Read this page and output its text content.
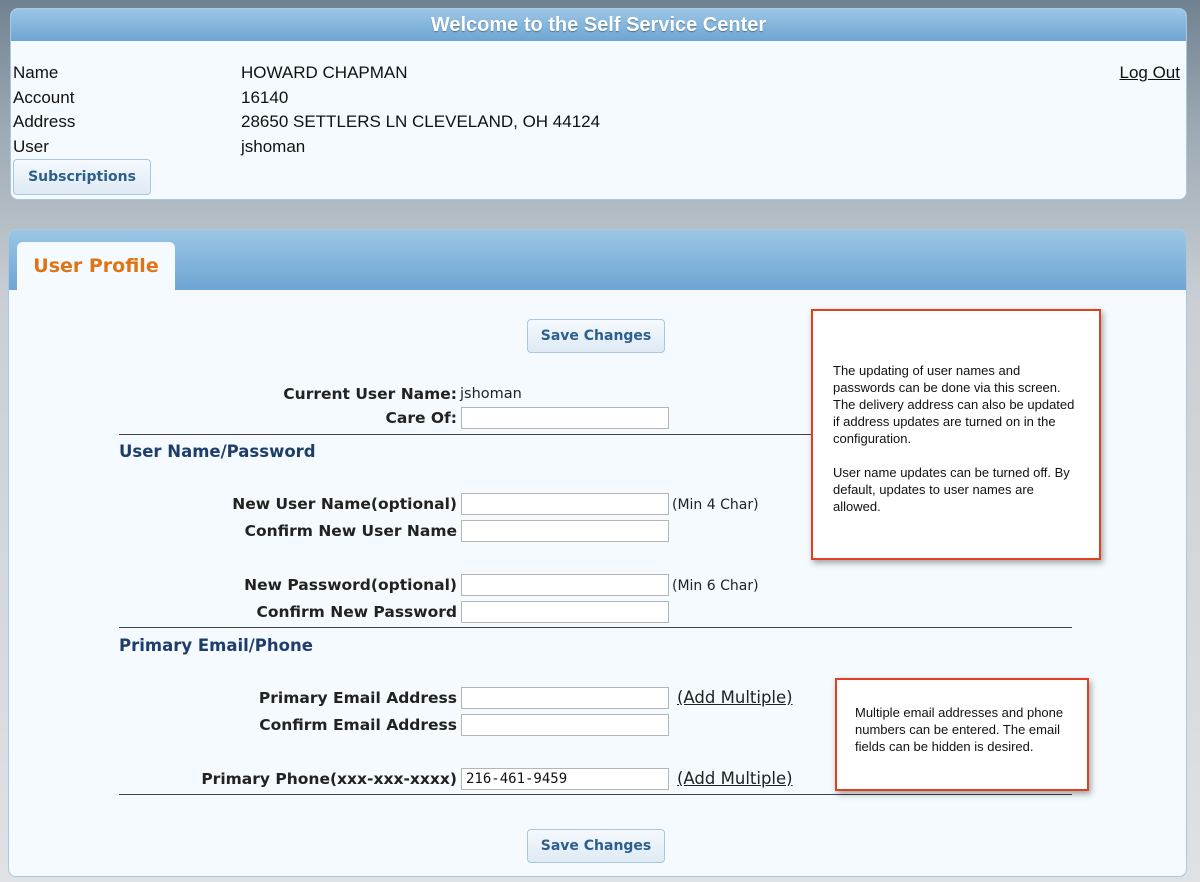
Welcome to the Self Service Center
Name	HOWARD CHAPMAN
Account	16140
Address	28650 SETTLERS LN CLEVELAND, OH 44124
User	jshoman
Log Out
Subscriptions
User Profile
Save Changes
Current User Name: jshoman
Care Of:
User Name/Password
New User Name(optional)	(Min 4 Char)
Confirm New User Name
New Password(optional)	(Min 6 Char)
Confirm New Password
Primary Email/Phone
Primary Email Address	(Add Multiple)
Confirm Email Address
Primary Phone(xxx-xxx-xxxx) 216-461-9459	(Add Multiple)
Save Changes

The updating of user names and passwords can be done via this screen. The delivery address can also be updated if address updates are turned on in the configuration.

User name updates can be turned off. By default, updates to user names are allowed.

Multiple email addresses and phone numbers can be entered. The email fields can be hidden is desired.
